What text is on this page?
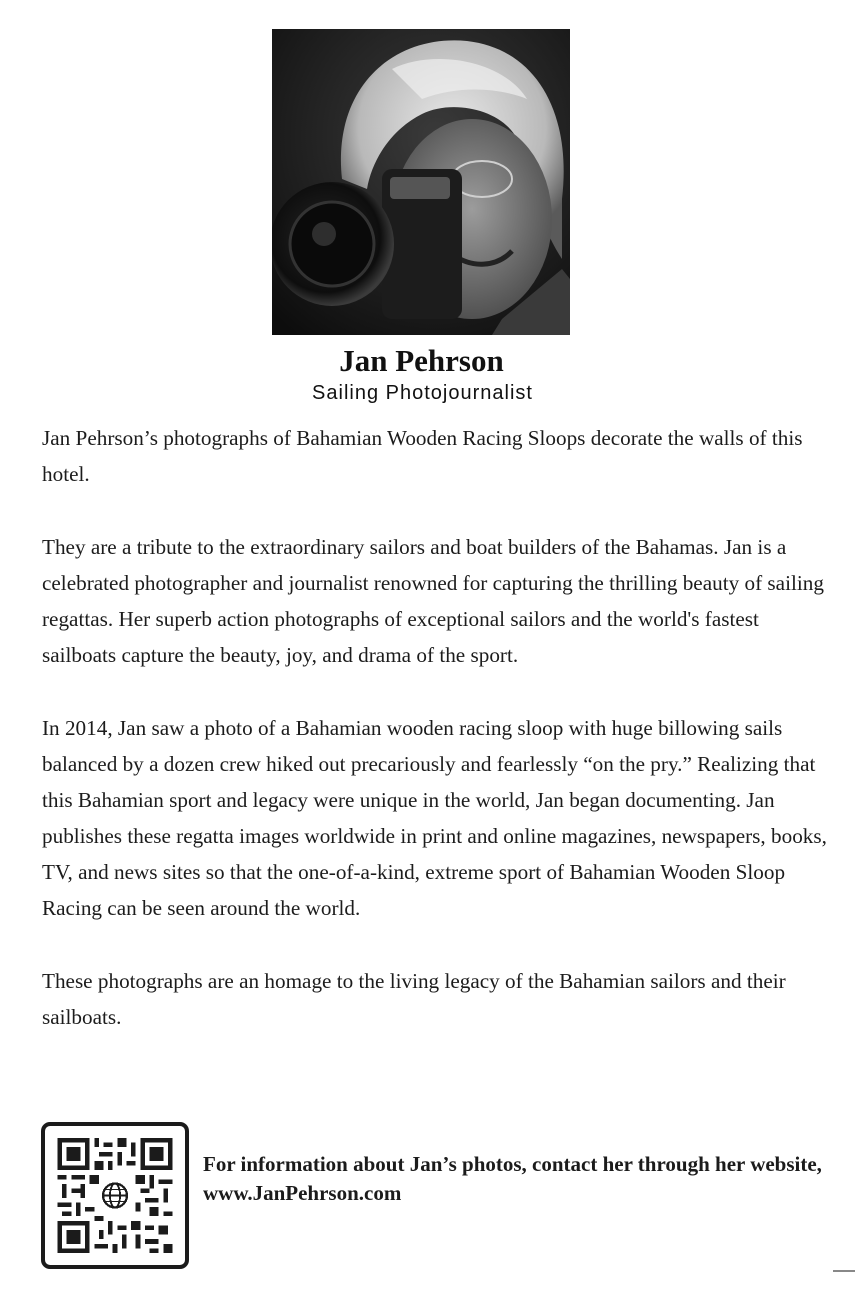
Jan Pehrson
Sailing Photojournalist

Jan Pehrson’s photographs of Bahamian Wooden Racing Sloops decorate the walls of this hotel.

They are a tribute to the extraordinary sailors and boat builders of the Bahamas. Jan is a celebrated photographer and journalist renowned for capturing the thrilling beauty of sailing regattas. Her superb action photographs of exceptional sailors and the world's fastest sailboats capture the beauty, joy, and drama of the sport.

In 2014, Jan saw a photo of a Bahamian wooden racing sloop with huge billowing sails balanced by a dozen crew hiked out precariously and fearlessly “on the pry.” Realizing that this Bahamian sport and legacy were unique in the world, Jan began documenting. Jan publishes these regatta images worldwide in print and online magazines, newspapers, books, TV, and news sites so that the one-of-a-kind, extreme sport of Bahamian Wooden Sloop Racing can be seen around the world.

These photographs are an homage to the living legacy of the Bahamian sailors and their sailboats.

For information about Jan’s photos, contact her through her website, www.JanPehrson.com
